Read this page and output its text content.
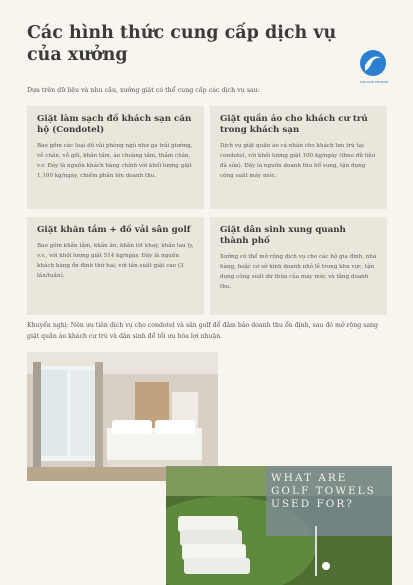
Các hình thức cung cấp dịch vụ của xưởng
TAN SHIE VIETNAM
Dựa trên dữ liệu và nhu cầu, xưởng giặt có thể cung cấp các dịch vụ sau:
Giặt làm sạch đồ khách sạn căn hộ (Condotel)

Bao gồm các loại đồ vải phòng ngủ như ga trải giường, vỏ chăn, vỏ gối, khăn tắm, áo choàng tắm, thảm chân, v.v. Đây là nguồn khách hàng chính với khối lượng giặt 1,100 kg/ngày, chiếm phần lớn doanh thu.

Giặt quần áo cho khách cư trú trong khách sạn

Dịch vụ giặt quần áo cá nhân cho khách lưu trú tại condotel, với khối lượng giặt 100 kg/ngày (theo dữ liệu đã sửa). Đây là nguồn doanh thu bổ sung, tận dụng công suất máy móc.

Giặt khăn tắm + đồ vải sân golf

Bao gồm khăn tắm, khăn ăn, khăn lót khay, khăn lau ly, v.v., với khối lượng giặt 514 kg/ngày. Đây là nguồn khách hàng ổn định thứ hai, với tần suất giặt cao (3 lần/tuần).

Giặt dân sinh xung quanh thành phố

Xưởng có thể mở rộng dịch vụ cho các hộ gia đình, nhà hàng, hoặc cơ sở kinh doanh nhỏ lẻ trong khu vực, tận dụng công suất dư thừa của máy móc và tăng doanh thu.

Khuyến nghị: Nên ưu tiên dịch vụ cho condotel và sân golf để đảm bảo doanh thu ổn định, sau đó mở rộng sang giặt quần áo khách cư trú và dân sinh để tối ưu hóa lợi nhuận.
WHAT ARE GOLF TOWELS USED FOR?
